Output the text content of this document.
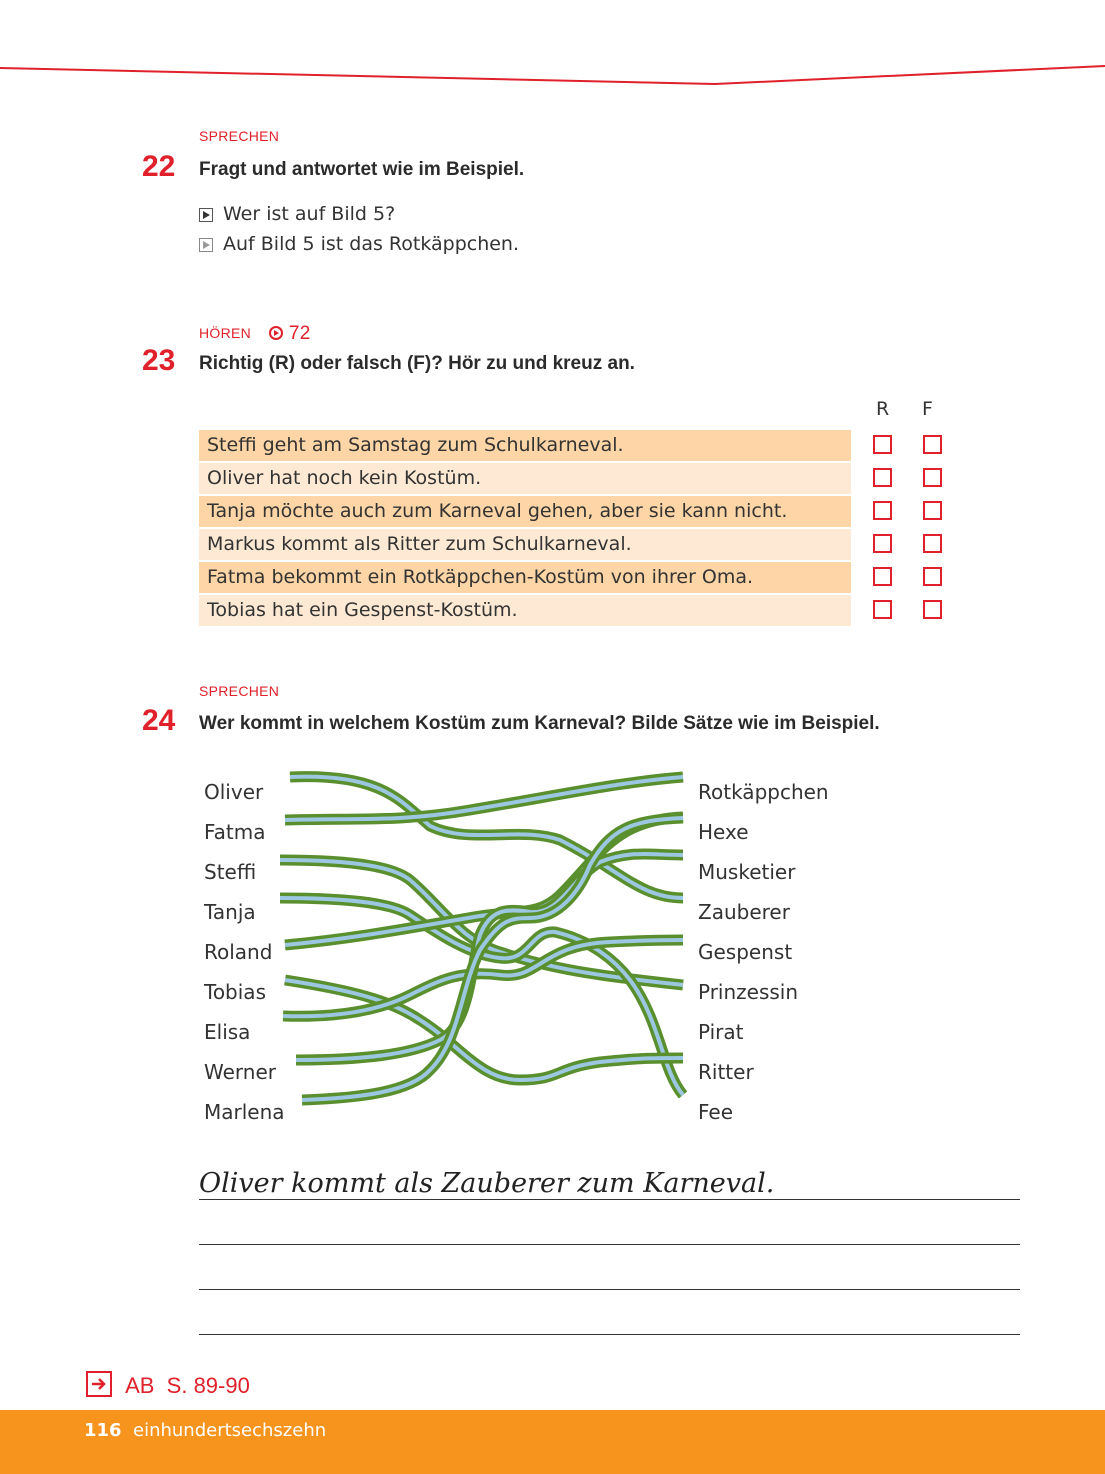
SPRECHEN
22 Fragt und antwortet wie im Beispiel.
Wer ist auf Bild 5?
Auf Bild 5 ist das Rotkäppchen.
HÖREN 72
23 Richtig (R) oder falsch (F)? Hör zu und kreuz an.
R F
Steffi geht am Samstag zum Schulkarneval.
Oliver hat noch kein Kostüm.
Tanja möchte auch zum Karneval gehen, aber sie kann nicht.
Markus kommt als Ritter zum Schulkarneval.
Fatma bekommt ein Rotkäppchen-Kostüm von ihrer Oma.
Tobias hat ein Gespenst-Kostüm.
SPRECHEN
24 Wer kommt in welchem Kostüm zum Karneval? Bilde Sätze wie im Beispiel.
Oliver
Fatma
Steffi
Tanja
Roland
Tobias
Elisa
Werner
Marlena
Rotkäppchen
Hexe
Musketier
Zauberer
Gespenst
Prinzessin
Pirat
Ritter
Fee
Oliver kommt als Zauberer zum Karneval.
AB  S. 89-90
116 einhundertsechszehn
